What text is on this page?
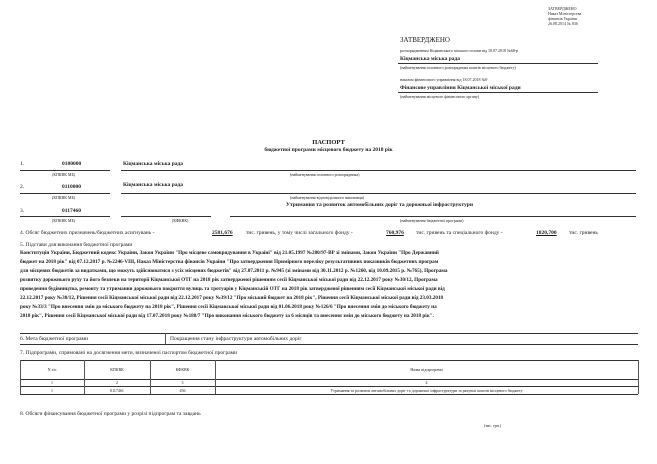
ЗАТВЕРДЖЕНО
Наказ Міністерства
фінансів України
26.08.2014 № 836
ЗАТВЕРДЖЕНО
розпорядженням Кіцманського міського голови від 18.07.2018 №68-р
Кіцманська міська рада
(найменування головного розпорядника коштів місцевого бюджету)
наказом фінансового управління від 18.07.2018 №9
Фінансове управління Кіцманської міської ради
(найменування місцевого фінансового органу)
ПАСПОРТ
бюджетної програми місцевого бюджету на 2018 рік
1.	0100000	Кіцманська міська рада
(КПКВК МБ)	(найменування головного розпорядника)
2.	0110000	Кіцманська міська рада
(КПКВК МБ)	(найменування відповідального виконавця)
3.	0117460
Утримання та розвиток автомобільних доріг та дорожньої інфраструктури
(КПКВК МБ)	(КФКВК)	(найменування бюджетної програми)
4. Обсяг бюджетних призначень/бюджетних асигнувань -	2581,676 тис. гривень, у тому числі загального фонду -	760,976 тис. гривень та спеціального фонду -	1820,700 тис. гривень
5. Підстави для виконання бюджетної програми
Конституція України, Бюджетний кодекс України, Закон України "Про місцеве самоврядування в Україні" від 21.05.1997 №280/97-ВР зі змінами, Закон України "Про Державний
бюджет на 2018 рік" від 07.12.2017 р. №2246-VIII, Наказ Міністерства фінансів України "Про затвердження Примірного переліку результативних показників бюджетних програм
для місцевих бюджетів за видатками, що можуть здійснюватися з усіх місцевих бюджетів" від 27.07.2011 р. №945 (зі змінами від 30.11.2012 р. №1260, від 10.09.2015 р. №765), Програма
розвитку дорожнього руху та його безпеки на території Кіцманської ОТГ на 2018 рік затвердженої рішенням сесії Кіцманської міської ради від 22.12.2017 року №30/12, Програма
проведення будівництва, ремонту та утримання дорожнього покриття вулиць та тротуарів у Кіцманській ОТГ на 2018 рік затвердженої рішенням сесії Кіцманської міської ради від
22.12.2017 року №30/12, Рішення сесії Кіцманської міської ради від 22.12.2017 року №39/12 "Про міський бюджет на 2018 рік", Рішення сесії Кіцманської міської ради від 23.03.2018
року №33/3 "Про внесення змін до міського бюджету на 2018 рік", Рішення сесії Кіцманської міської ради від 01.06.2018 року №126/6 "Про внесення змін до міського бюджету на
2018 рік", Рішення сесії Кіцманської міської ради від 17.07.2018 року №188/7 "Про виконання міського бюджету за 6 місяців та внесення змін до міського бюджету на 2018 рік".
6. Мета бюджетної програми	Покращення стану інфраструктури автомобільних доріг
7. Підпрограми, спрямовані на досягнення мети, визначеної паспортом бюджетної програми
N з/п	КПКВК	КФКВК	Назва підпрограми
1	2	3	4
1	0117461	456	Утримання та розвиток автомобільних доріг та дорожньої інфраструктури за рахунок коштів місцевого бюджету
8. Обсяги фінансування бюджетної програми у розрізі підпрограм та завдань
(тис. грн.)
